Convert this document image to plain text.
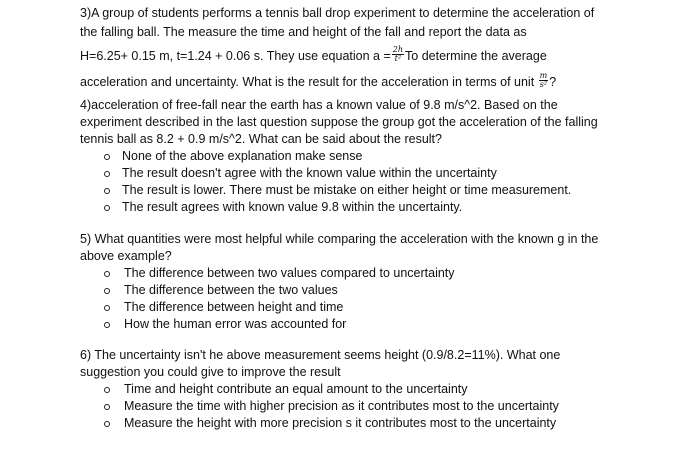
3)A group of students performs a tennis ball drop experiment to determine the acceleration of
the falling ball. The measure the time and height of the fall and report the data as
H=6.25+ 0.15 m, t=1.24 + 0.06 s. They use equation $a = \frac{2h}{\text{t²}}$ To determine the average
acceleration and uncertainty. What is the result for the acceleration in terms of unit $\frac{m}{\text{s²}}$ ?
4)acceleration of free-fall near the earth has a known value of 9.8 m/s^2. Based on the
experiment described in the last question suppose the group got the acceleration of the falling
tennis ball as 8.2 + 0.9 m/s^2. What can be said about the result?
None of the above explanation make sense
The result doesn't agree with the known value within the uncertainty
The result is lower. There must be mistake on either height or time measurement.
The result agrees with known value 9.8 within the uncertainty.
5) What quantities were most helpful while comparing the acceleration with the known g in the
above example?
The difference between two values compared to uncertainty
The difference between the two values
The difference between height and time
How the human error was accounted for
6) The uncertainty isn't he above measurement seems height (0.9/8.2=11%). What one
suggestion you could give to improve the result
Time and height contribute an equal amount to the uncertainty
Measure the time with higher precision as it contributes most to the uncertainty
Measure the height with more precision s it contributes most to the uncertainty
